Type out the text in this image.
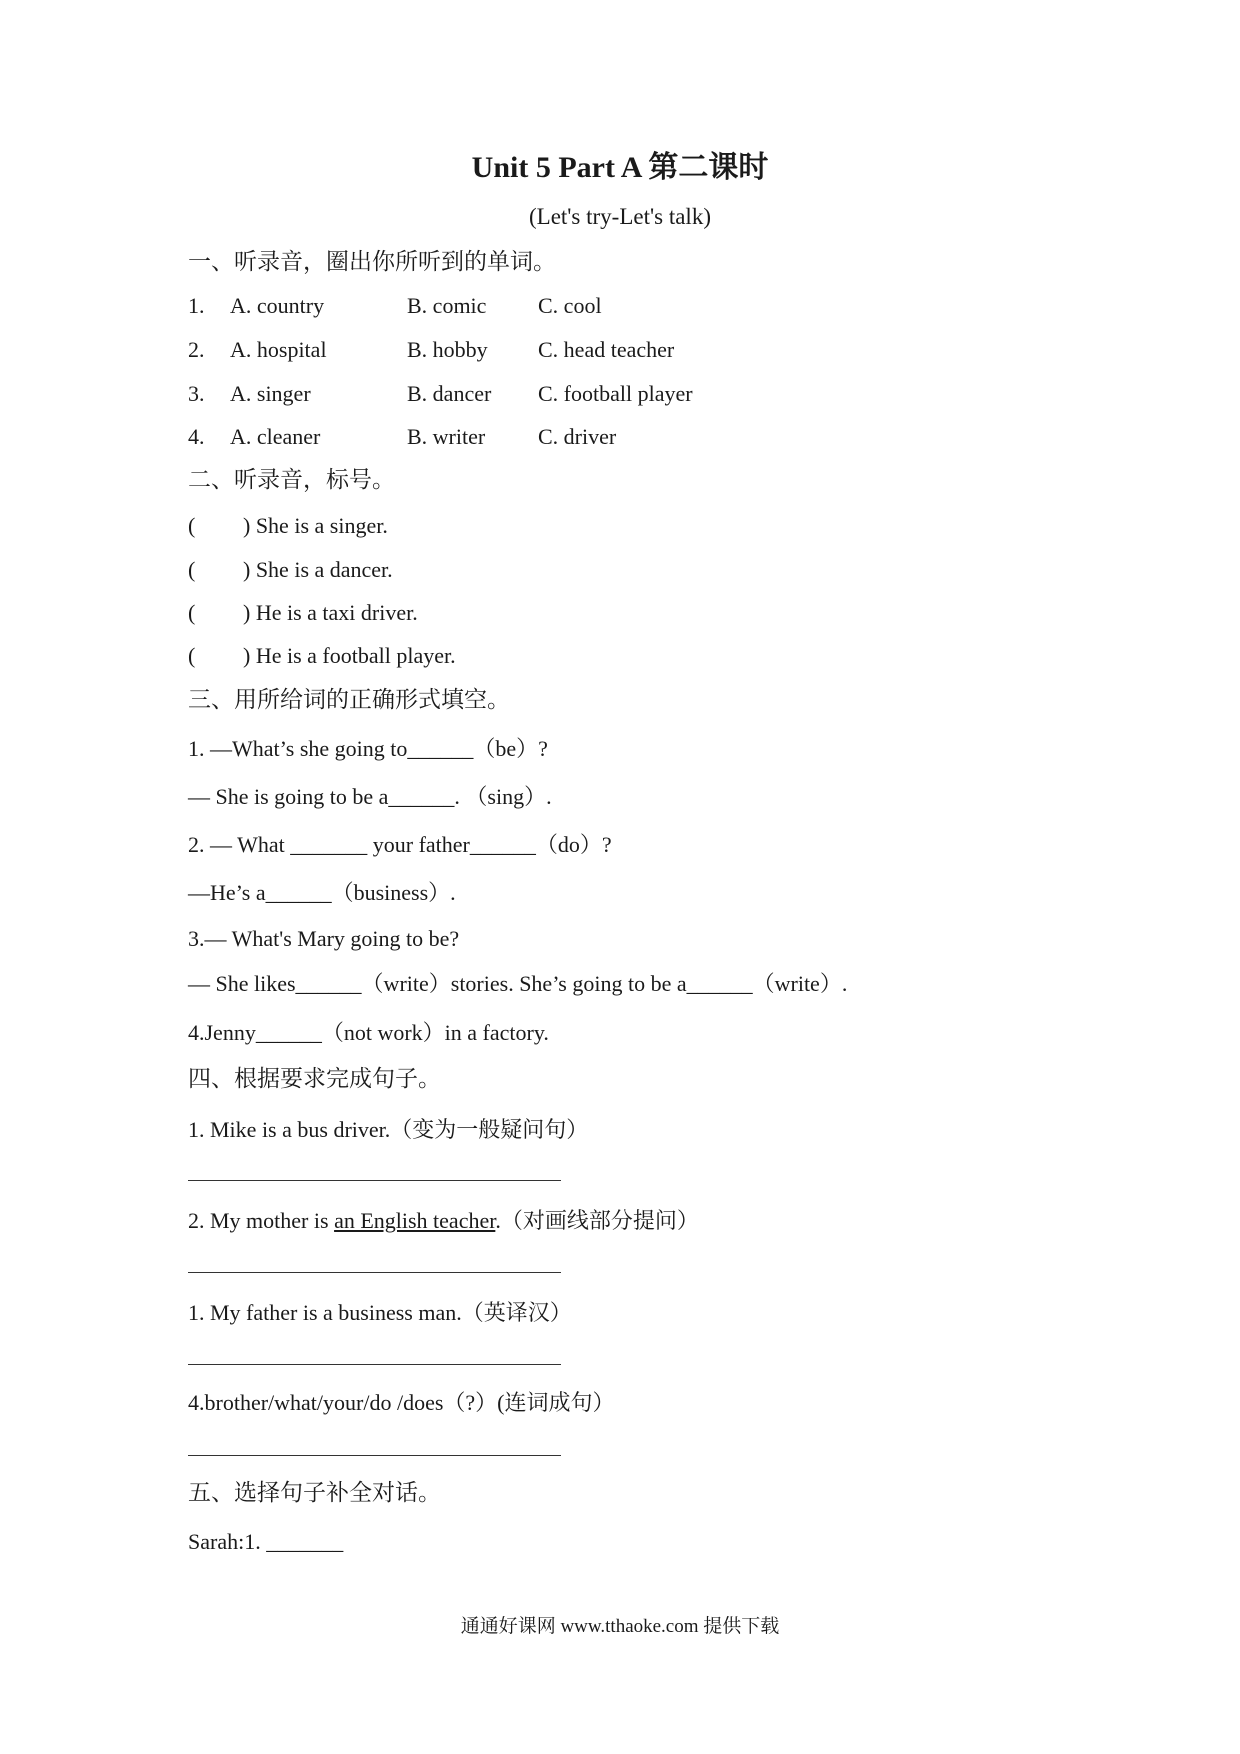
Unit 5 Part A 第二课时
(Let's try-Let's talk)
一、听录音，圈出你所听到的单词。
1. A. country	B. comic C. cool
2. A. hospital	B. hobby C. head teacher
3. A. singer	B. dancer C. football player
4. A. cleaner	B. writer C. driver
二、听录音，标号。
( ) She is a singer.
( ) She is a dancer.
( ) He is a taxi driver.
( ) He is a football player.
三、用所给词的正确形式填空。
1. —What’s she going to______（be）?
— She is going to be a______. （sing）.
2. — What _______ your father______（do）?
—He’s a______（business）.
3.— What's Mary going to be?
— She likes______（write）stories. She’s going to be a______（write）.
4.Jenny______（not work）in a factory.
四、根据要求完成句子。
1. Mike is a bus driver.（变为一般疑问句）
2. My mother is an English teacher.（对画线部分提问）
1. My father is a business man.（英译汉）
4.brother/what/your/do /does（?）(连词成句）
五、选择句子补全对话。
Sarah:1. _______
通通好课网 www.tthaoke.com 提供下载
